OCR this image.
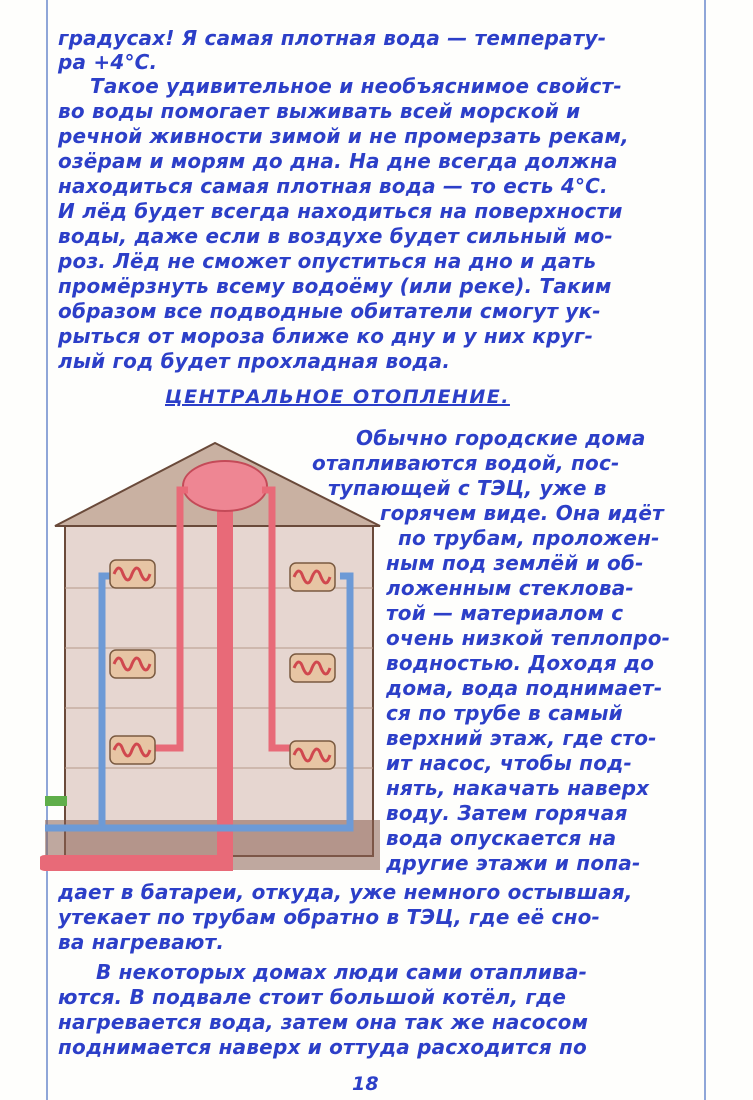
градусах! Я самая плотная вода — температу-
ра +4°С.
Такое удивительное и необъяснимое свойст-
во воды помогает выживать всей морской и
речной живности зимой и не промерзать рекам,
озёрам и морям до дна. На дне всегда должна
находиться самая плотная вода — то есть 4°С.
И лёд будет всегда находиться на поверхности
воды, даже если в воздухе будет сильный мо-
роз. Лёд не сможет опуститься на дно и дать
промёрзнуть всему водоёму (или реке). Таким
образом все подводные обитатели смогут ук-
рыться от мороза ближе ко дну и у них круг-
лый год будет прохладная вода.
ЦЕНТРАЛЬНОЕ ОТОПЛЕНИЕ.
Обычно городские дома
отапливаются водой, пос-
тупающей с ТЭЦ, уже в
горячем виде. Она идёт
по трубам, проложен-
ным под землёй и об-
ложенным стеклова-
той — материалом с
очень низкой теплопро-
водностью. Доходя до
дома, вода поднимает-
ся по трубе в самый
верхний этаж, где сто-
ит насос, чтобы под-
нять, накачать наверх
воду. Затем горячая
вода опускается на
другие этажи и попа-
дает в батареи, откуда, уже немного остывшая,
утекает по трубам обратно в ТЭЦ, где её сно-
ва нагревают.
В некоторых домах люди сами отаплива-
ются. В подвале стоит большой котёл, где
нагревается вода, затем она так же насосом
поднимается наверх и оттуда расходится по
18
